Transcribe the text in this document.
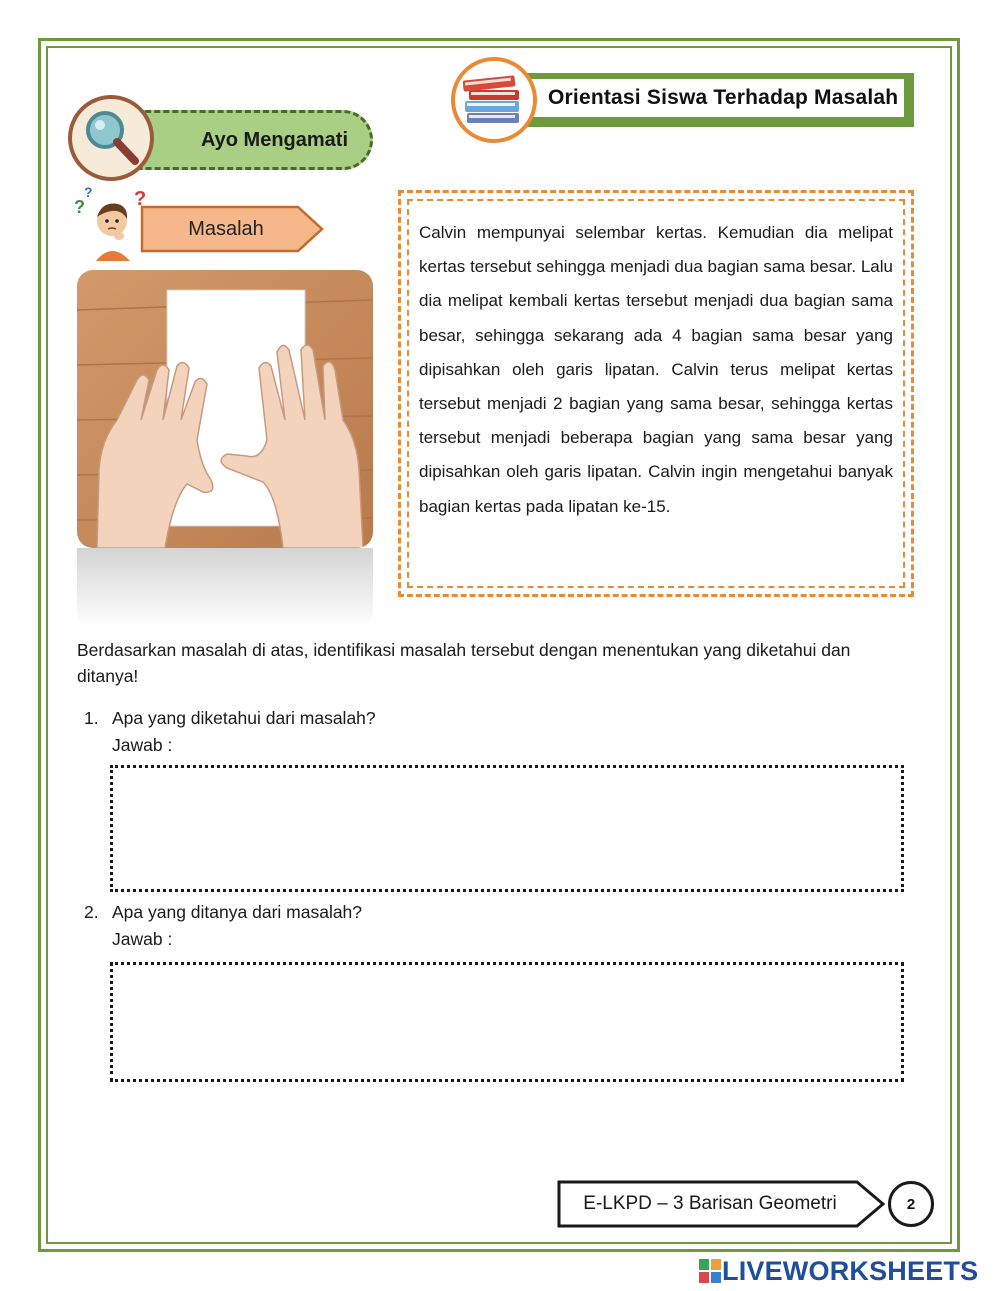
Orientasi Siswa Terhadap Masalah
Ayo Mengamati
Masalah
? ?
?
Calvin mempunyai selembar kertas. Kemudian dia melipat kertas tersebut sehingga menjadi dua bagian sama besar. Lalu dia melipat kembali kertas tersebut menjadi dua bagian sama besar, sehingga sekarang ada 4 bagian sama besar yang dipisahkan oleh garis lipatan. Calvin terus melipat kertas tersebut menjadi 2 bagian yang sama besar, sehingga kertas tersebut menjadi beberapa bagian yang sama besar yang dipisahkan oleh garis lipatan. Calvin ingin mengetahui banyak bagian kertas pada lipatan ke-15.
Berdasarkan masalah di atas, identifikasi masalah tersebut dengan menentukan yang diketahui dan ditanya!
1. Apa yang diketahui dari masalah?
Jawab :
2. Apa yang ditanya dari masalah?
Jawab :
E-LKPD – 3 Barisan Geometri	2
LIVEWORKSHEETS
